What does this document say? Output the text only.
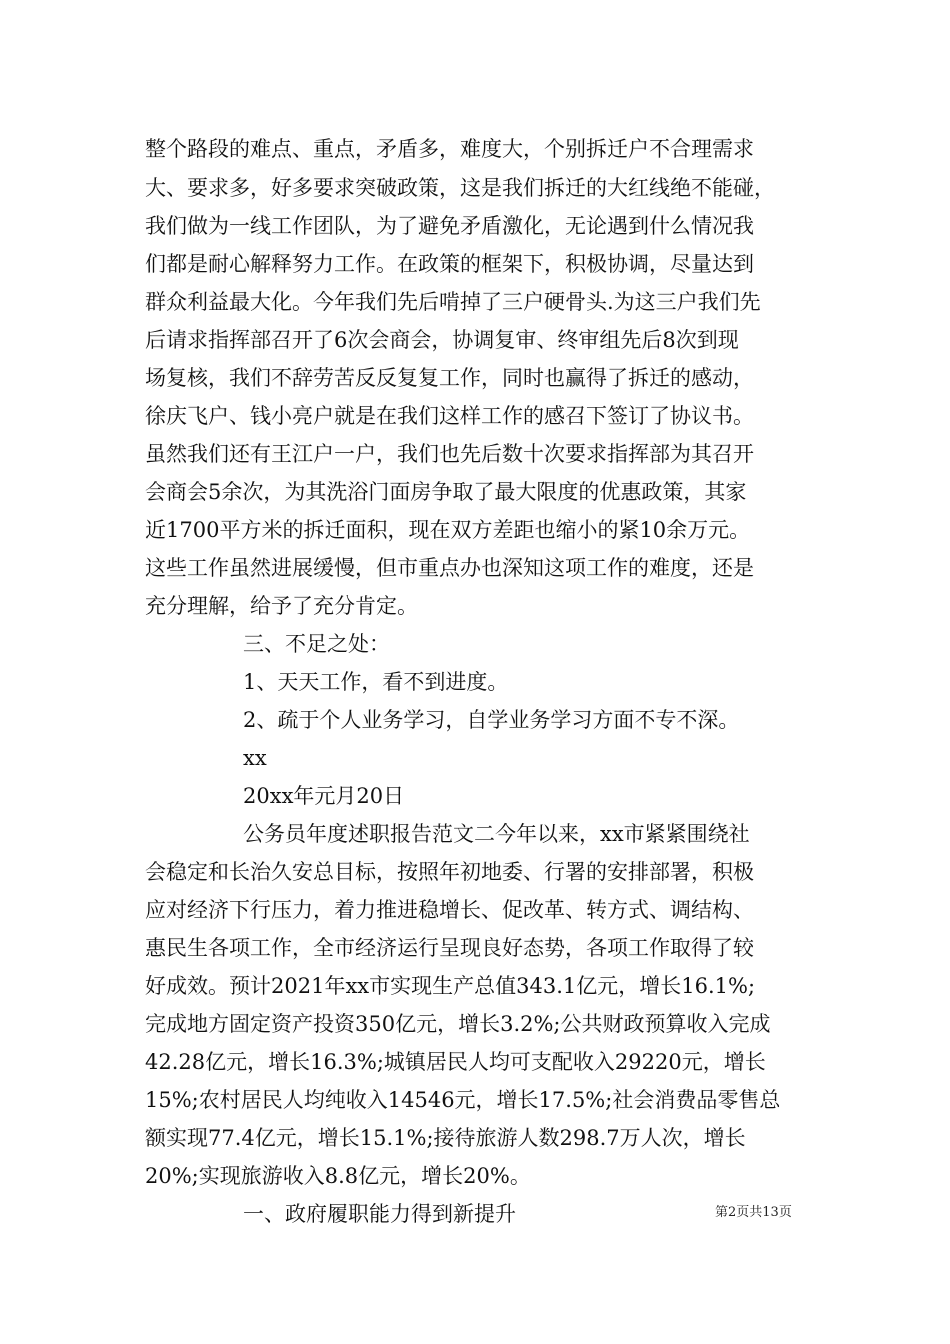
整个路段的难点、重点，矛盾多，难度大，个别拆迁户不合理需求
大、要求多，好多要求突破政策，这是我们拆迁的大红线绝不能碰，
我们做为一线工作团队，为了避免矛盾激化，无论遇到什么情况我
们都是耐心解释努力工作。在政策的框架下，积极协调，尽量达到
群众利益最大化。今年我们先后啃掉了三户硬骨头.为这三户我们先
后请求指挥部召开了6次会商会，协调复审、终审组先后8次到现
场复核，我们不辞劳苦反反复复工作，同时也赢得了拆迁的感动，
徐庆飞户、钱小亮户就是在我们这样工作的感召下签订了协议书。
虽然我们还有王江户一户，我们也先后数十次要求指挥部为其召开
会商会5余次，为其洗浴门面房争取了最大限度的优惠政策，其家
近1700平方米的拆迁面积，现在双方差距也缩小的紧10余万元。
这些工作虽然进展缓慢，但市重点办也深知这项工作的难度，还是
充分理解，给予了充分肯定。
三、不足之处：
1、天天工作，看不到进度。
2、疏于个人业务学习，自学业务学习方面不专不深。
xx
20xx年元月20日
公务员年度述职报告范文二今年以来，xx市紧紧围绕社
会稳定和长治久安总目标，按照年初地委、行署的安排部署，积极
应对经济下行压力，着力推进稳增长、促改革、转方式、调结构、
惠民生各项工作，全市经济运行呈现良好态势，各项工作取得了较
好成效。预计2021年xx市实现生产总值343.1亿元，增长16.1%;
完成地方固定资产投资350亿元，增长3.2%;公共财政预算收入完成
42.28亿元，增长16.3%;城镇居民人均可支配收入29220元，增长
15%;农村居民人均纯收入14546元，增长17.5%;社会消费品零售总
额实现77.4亿元，增长15.1%;接待旅游人数298.7万人次，增长
20%;实现旅游收入8.8亿元，增长20%。
第2页共13页
一、政府履职能力得到新提升
